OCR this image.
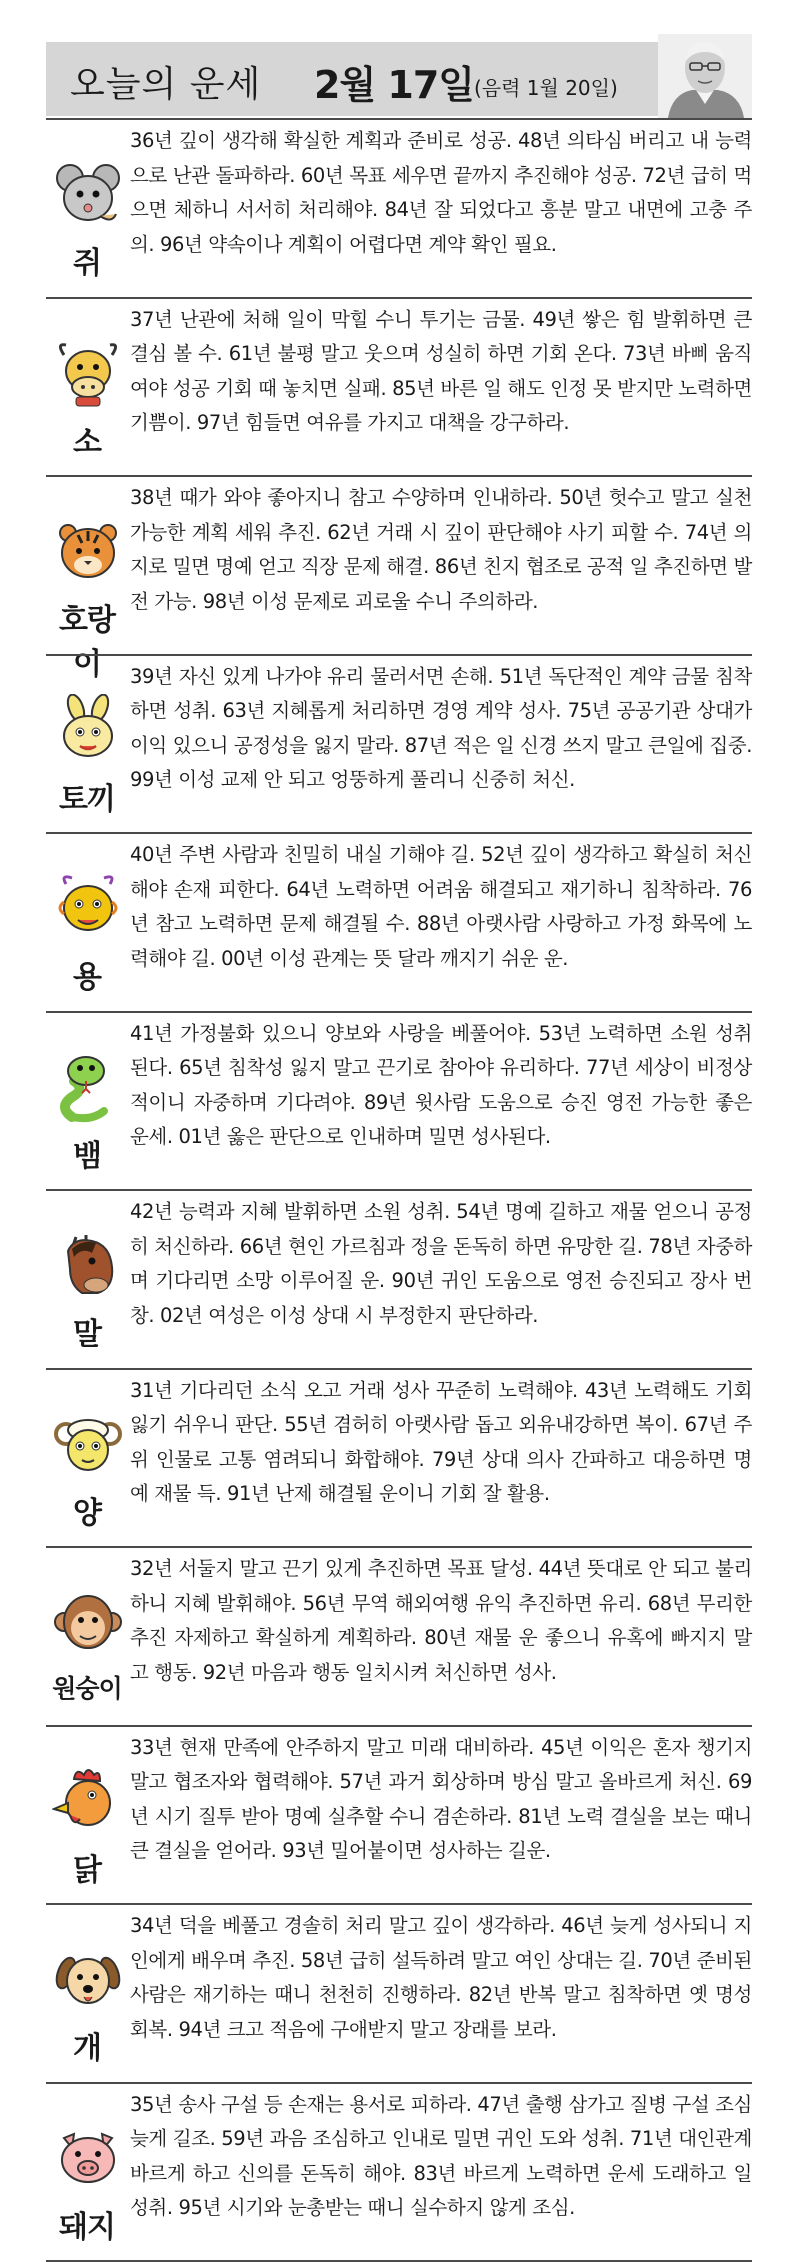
오늘의 운세 2월 17일 (음력 1월 20일)
쥐
36년 깊이 생각해 확실한 계획과 준비로 성공. 48년 의타심 버리고 내 능력으로 난관 돌파하라. 60년 목표 세우면 끝까지 추진해야 성공. 72년 급히 먹으면 체하니 서서히 처리해야. 84년 잘 되었다고 흥분 말고 내면에 고충 주의. 96년 약속이나 계획이 어렵다면 계약 확인 필요.
소
37년 난관에 처해 일이 막힐 수니 투기는 금물. 49년 쌓은 힘 발휘하면 큰 결심 볼 수. 61년 불평 말고 웃으며 성실히 하면 기회 온다. 73년 바삐 움직여야 성공 기회 때 놓치면 실패. 85년 바른 일 해도 인정 못 받지만 노력하면 기쁨이. 97년 힘들면 여유를 가지고 대책을 강구하라.
호랑이
38년 때가 와야 좋아지니 참고 수양하며 인내하라. 50년 헛수고 말고 실천 가능한 계획 세워 추진. 62년 거래 시 깊이 판단해야 사기 피할 수. 74년 의지로 밀면 명예 얻고 직장 문제 해결. 86년 친지 협조로 공적 일 추진하면 발전 가능. 98년 이성 문제로 괴로울 수니 주의하라.
토끼
39년 자신 있게 나가야 유리 물러서면 손해. 51년 독단적인 계약 금물 침착하면 성취. 63년 지혜롭게 처리하면 경영 계약 성사. 75년 공공기관 상대가 이익 있으니 공정성을 잃지 말라. 87년 적은 일 신경 쓰지 말고 큰일에 집중. 99년 이성 교제 안 되고 엉뚱하게 풀리니 신중히 처신.
용
40년 주변 사람과 친밀히 내실 기해야 길. 52년 깊이 생각하고 확실히 처신해야 손재 피한다. 64년 노력하면 어려움 해결되고 재기하니 침착하라. 76년 참고 노력하면 문제 해결될 수. 88년 아랫사람 사랑하고 가정 화목에 노력해야 길. 00년 이성 관계는 뜻 달라 깨지기 쉬운 운.
뱀
41년 가정불화 있으니 양보와 사랑을 베풀어야. 53년 노력하면 소원 성취된다. 65년 침착성 잃지 말고 끈기로 참아야 유리하다. 77년 세상이 비정상적이니 자중하며 기다려야. 89년 윗사람 도움으로 승진 영전 가능한 좋은 운세. 01년 옳은 판단으로 인내하며 밀면 성사된다.
말
42년 능력과 지혜 발휘하면 소원 성취. 54년 명예 길하고 재물 얻으니 공정히 처신하라. 66년 현인 가르침과 정을 돈독히 하면 유망한 길. 78년 자중하며 기다리면 소망 이루어질 운. 90년 귀인 도움으로 영전 승진되고 장사 번창. 02년 여성은 이성 상대 시 부정한지 판단하라.
양
31년 기다리던 소식 오고 거래 성사 꾸준히 노력해야. 43년 노력해도 기회 잃기 쉬우니 판단. 55년 겸허히 아랫사람 돕고 외유내강하면 복이. 67년 주위 인물로 고통 염려되니 화합해야. 79년 상대 의사 간파하고 대응하면 명예 재물 득. 91년 난제 해결될 운이니 기회 잘 활용.
원숭이
32년 서둘지 말고 끈기 있게 추진하면 목표 달성. 44년 뜻대로 안 되고 불리하니 지혜 발휘해야. 56년 무역 해외여행 유익 추진하면 유리. 68년 무리한 추진 자제하고 확실하게 계획하라. 80년 재물 운 좋으니 유혹에 빠지지 말고 행동. 92년 마음과 행동 일치시켜 처신하면 성사.
닭
33년 현재 만족에 안주하지 말고 미래 대비하라. 45년 이익은 혼자 챙기지 말고 협조자와 협력해야. 57년 과거 회상하며 방심 말고 올바르게 처신. 69년 시기 질투 받아 명예 실추할 수니 겸손하라. 81년 노력 결실을 보는 때니 큰 결실을 얻어라. 93년 밀어붙이면 성사하는 길운.
개
34년 덕을 베풀고 경솔히 처리 말고 깊이 생각하라. 46년 늦게 성사되니 지인에게 배우며 추진. 58년 급히 설득하려 말고 여인 상대는 길. 70년 준비된 사람은 재기하는 때니 천천히 진행하라. 82년 반복 말고 침착하면 옛 명성 회복. 94년 크고 적음에 구애받지 말고 장래를 보라.
돼지
35년 송사 구설 등 손재는 용서로 피하라. 47년 출행 삼가고 질병 구설 조심 늦게 길조. 59년 과음 조심하고 인내로 밀면 귀인 도와 성취. 71년 대인관계 바르게 하고 신의를 돈독히 해야. 83년 바르게 노력하면 운세 도래하고 일 성취. 95년 시기와 눈총받는 때니 실수하지 않게 조심.
